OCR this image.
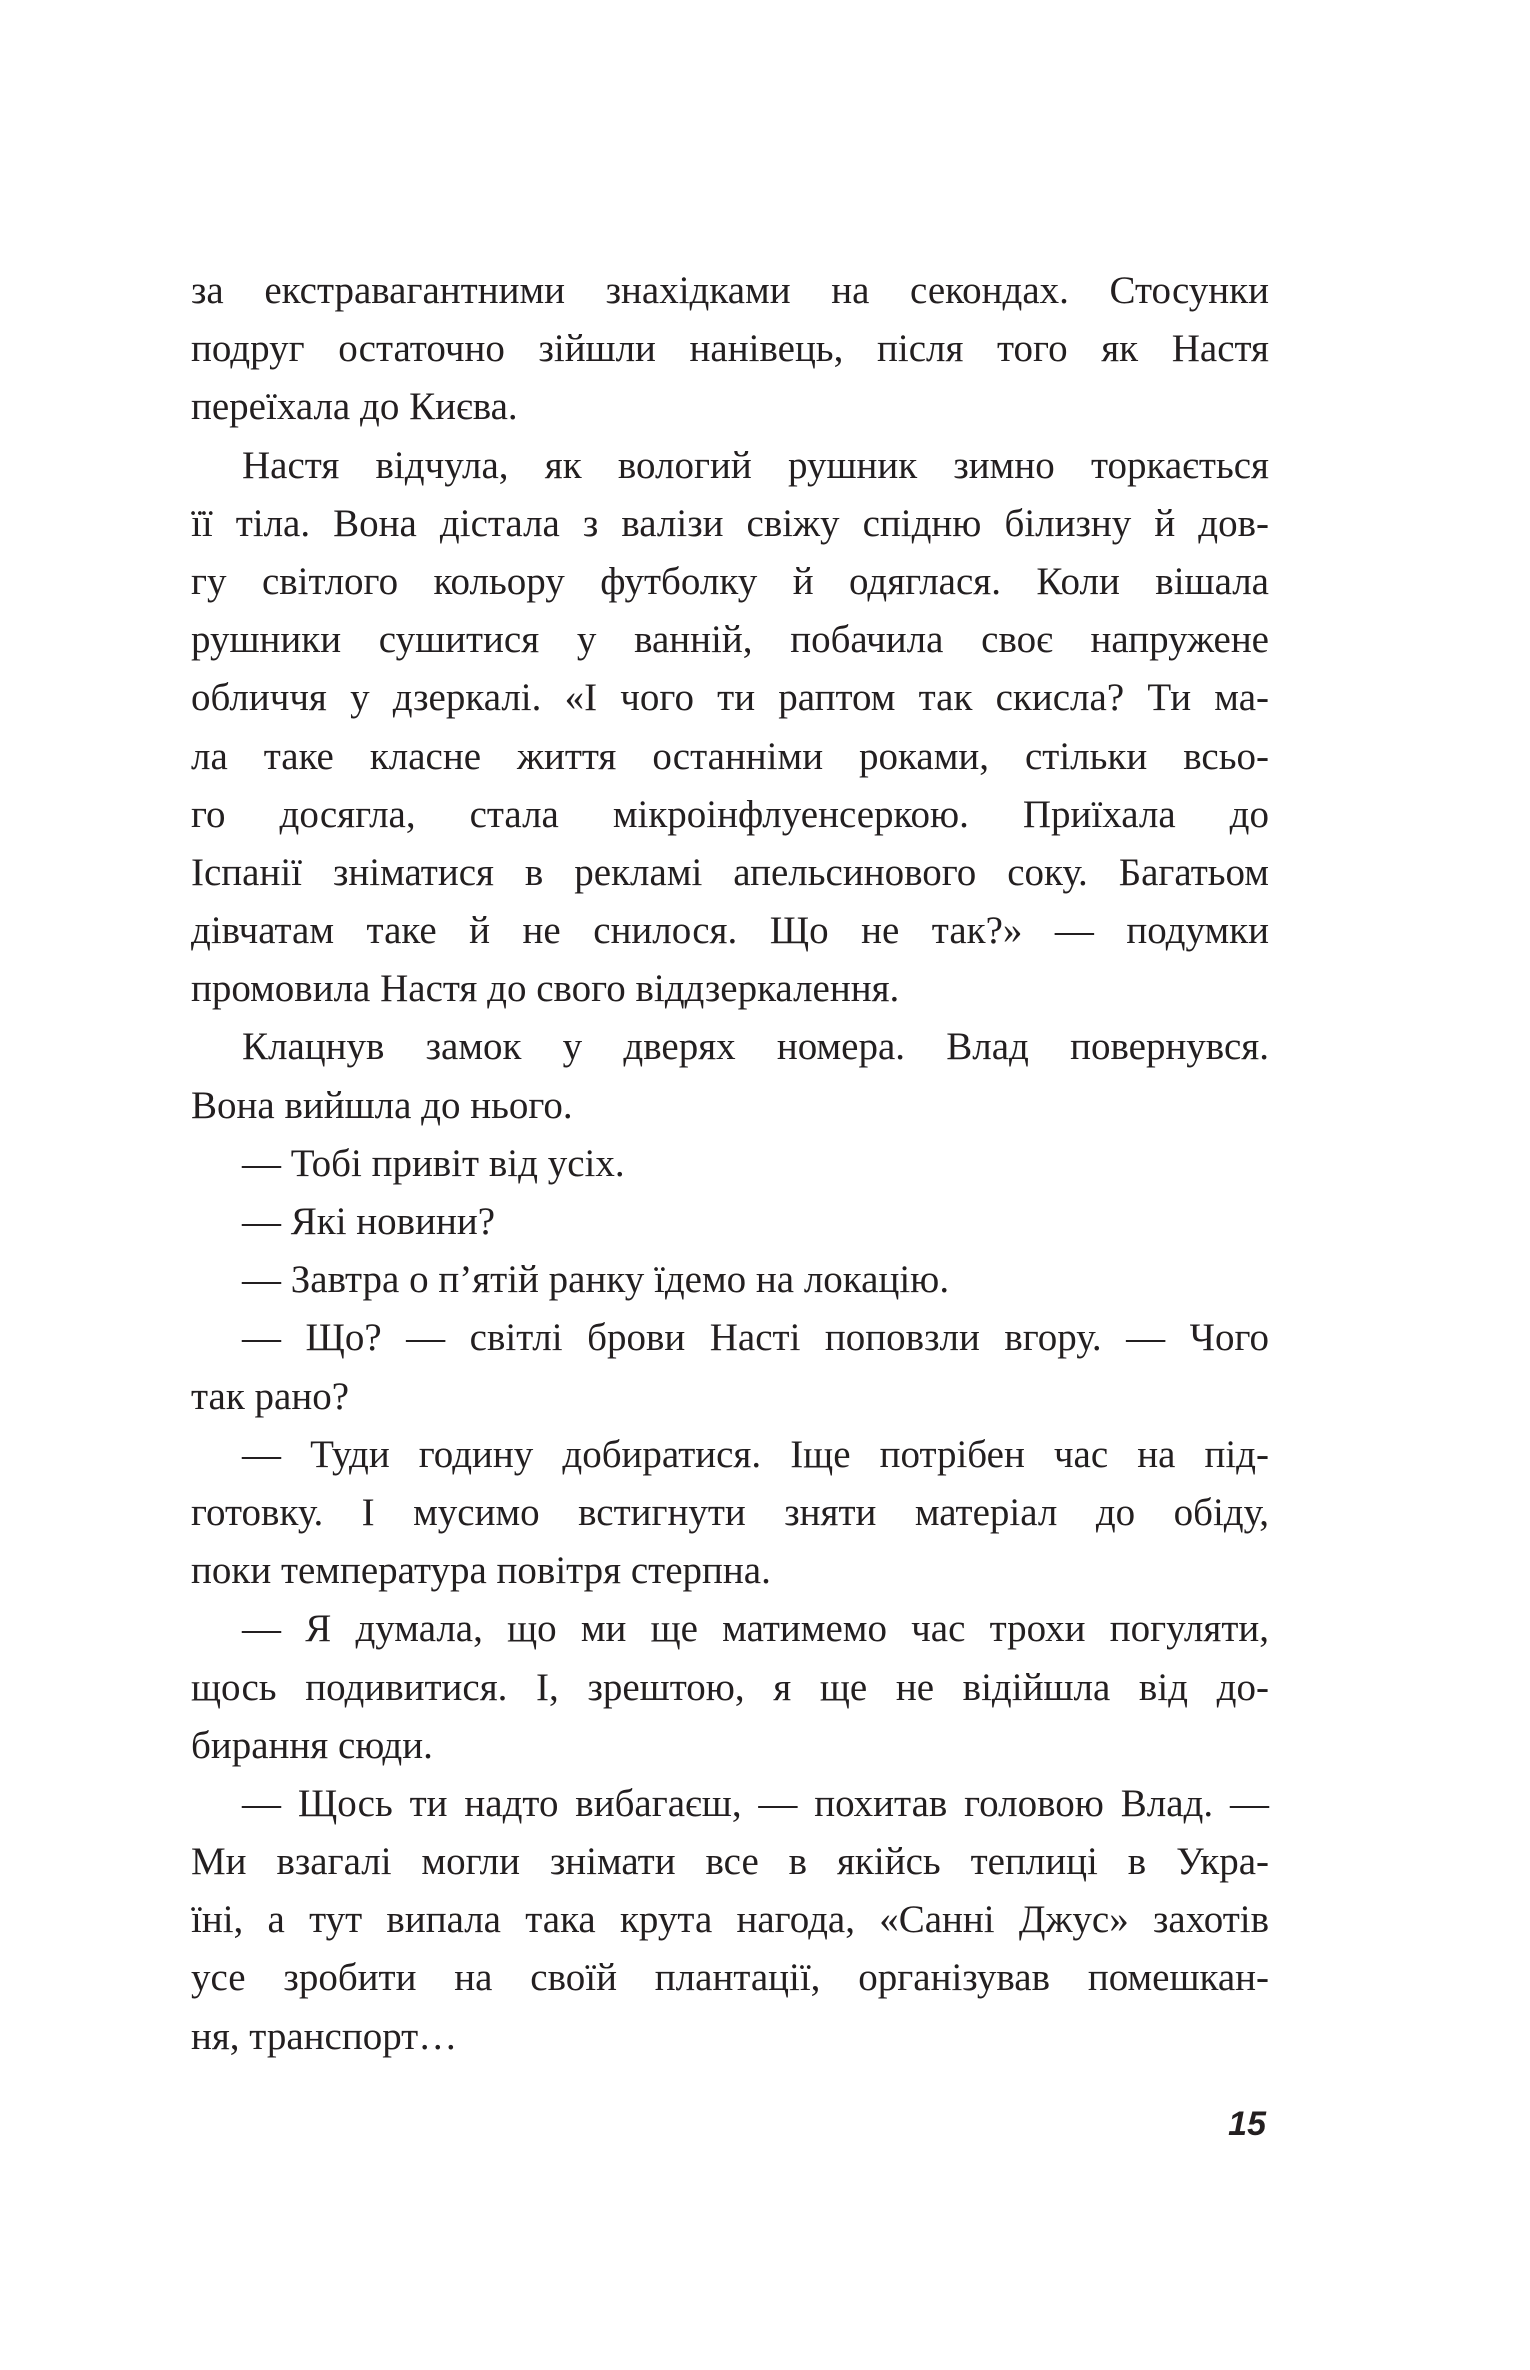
за екстравагантними знахідками на секондах. Стосунки
подруг остаточно зійшли нанівець, після того як Настя
переїхала до Києва.
Настя відчула, як вологий рушник зимно торкається
її тіла. Вона дістала з валізи свіжу спідню білизну й дов-
гу світлого кольору футболку й одяглася. Коли вішала
рушники сушитися у ванній, побачила своє напружене
обличчя у дзеркалі. «І чого ти раптом так скисла? Ти ма-
ла таке класне життя останніми роками, стільки всьо-
го досягла, стала мікроінфлуенсеркою. Приїхала до
Іспанії зніматися в рекламі апельсинового соку. Багатьом
дівчатам таке й не снилося. Що не так?» — подумки
промовила Настя до свого віддзеркалення.
Клацнув замок у дверях номера. Влад повернувся.
Вона вийшла до нього.
— Тобі привіт від усіх.
— Які новини?
— Завтра о п’ятій ранку їдемо на локацію.
— Що? — світлі брови Насті поповзли вгору. — Чого
так рано?
— Туди годину добиратися. Іще потрібен час на під-
готовку. І мусимо встигнути зняти матеріал до обіду,
поки температура повітря стерпна.
— Я думала, що ми ще матимемо час трохи погуляти,
щось подивитися. І, зрештою, я ще не відійшла від до-
бирання сюди.
— Щось ти надто вибагаєш, — похитав головою Влад. —
Ми взагалі могли знімати все в якійсь теплиці в Укра-
їні, а тут випала така крута нагода, «Санні Джус» захотів
усе зробити на своїй плантації, організував помешкан-
ня, транспорт…
15
